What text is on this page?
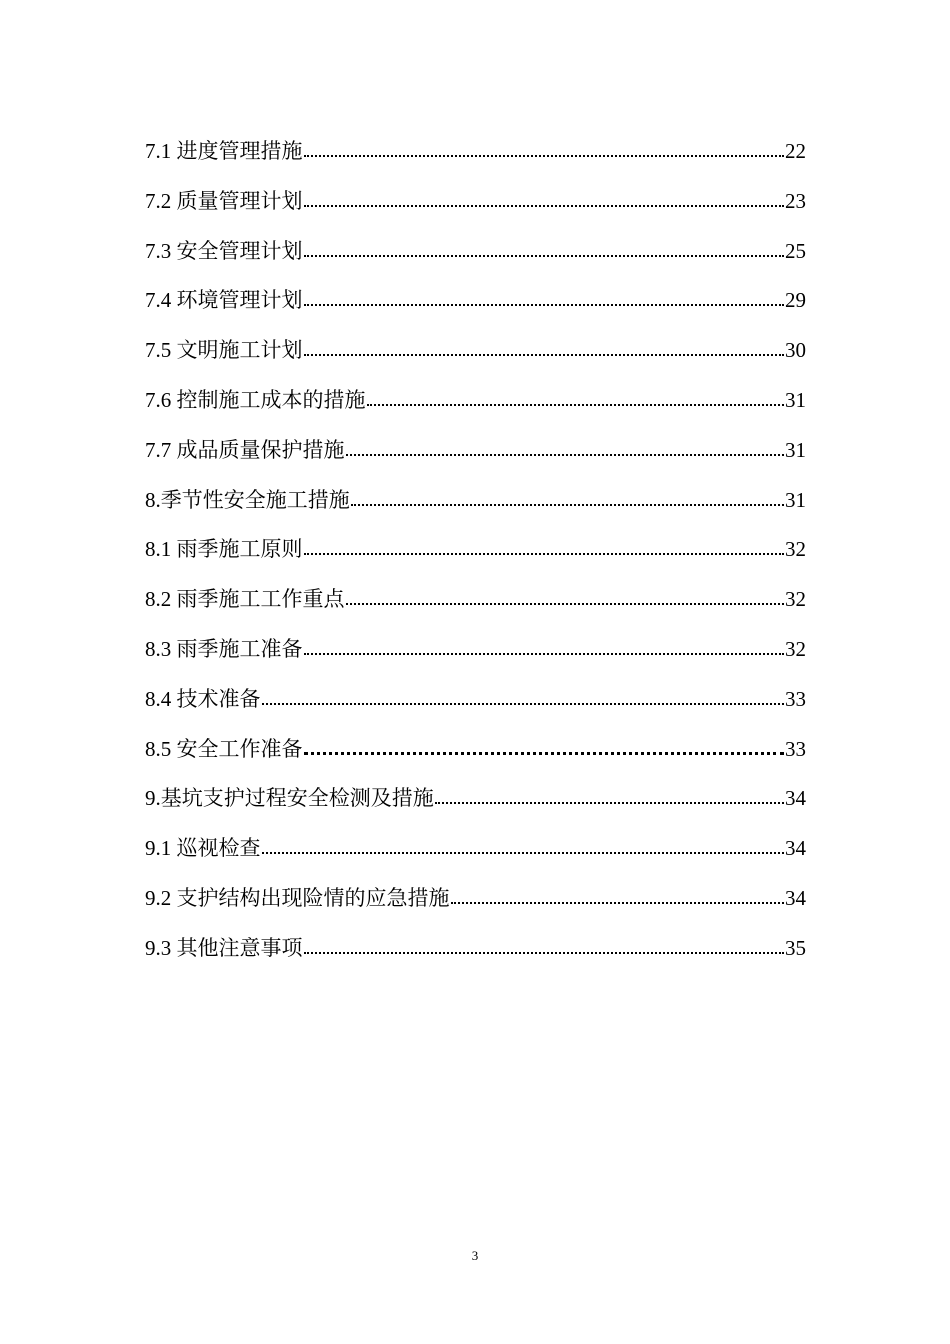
7.1 进度管理措施	22
7.2 质量管理计划	23
7.3 安全管理计划	25
7.4 环境管理计划	29
7.5 文明施工计划	30
7.6 控制施工成本的措施	31
7.7 成品质量保护措施	31
8.季节性安全施工措施	31
8.1 雨季施工原则	32
8.2 雨季施工工作重点	32
8.3 雨季施工准备	32
8.4 技术准备	33
8.5 安全工作准备	33
9.基坑支护过程安全检测及措施	34
9.1 巡视检查	34
9.2 支护结构出现险情的应急措施	34
9.3 其他注意事项	35
3
